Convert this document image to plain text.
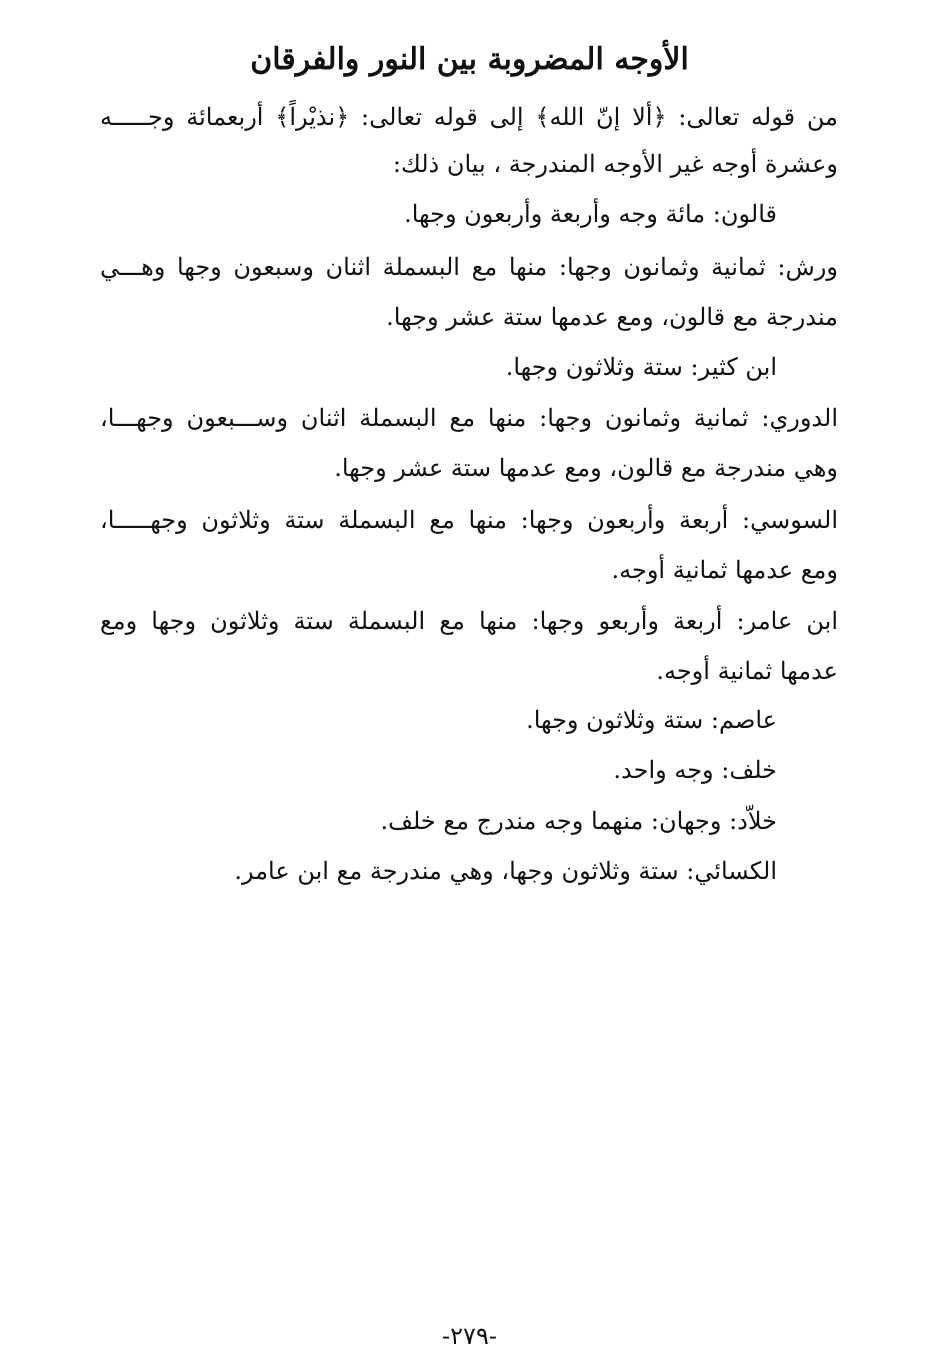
الأوجه المضروبة بين النور والفرقان
من قوله تعالى: ﴿ألا إنّ الله﴾ إلى قوله تعالى: ﴿نذيْراً﴾ أربعمائة وجـــــه
وعشرة أوجه غير الأوجه المندرجة ، بيان ذلك:
قالون: مائة وجه وأربعة وأربعون وجها.
ورش: ثمانية وثمانون وجها: منها مع البسملة اثنان وسبعون وجها وهـــي
مندرجة مع قالون، ومع عدمها ستة عشر وجها.
ابن كثير: ستة وثلاثون وجها.
الدوري: ثمانية وثمانون وجها: منها مع البسملة اثنان وســـبعون وجهـــا،
وهي مندرجة مع قالون، ومع عدمها ستة عشر وجها.
السوسي: أربعة وأربعون وجها: منها مع البسملة ستة وثلاثون وجهـــــا،
ومع عدمها ثمانية أوجه.
ابن عامر: أربعة وأربعو وجها: منها مع البسملة ستة وثلاثون وجها ومع
عدمها ثمانية أوجه.
عاصم: ستة وثلاثون وجها.
خلف: وجه واحد.
خلاّد: وجهان: منهما وجه مندرج مع خلف.
الكسائي: ستة وثلاثون وجها، وهي مندرجة مع ابن عامر.
-٢٧٩-
